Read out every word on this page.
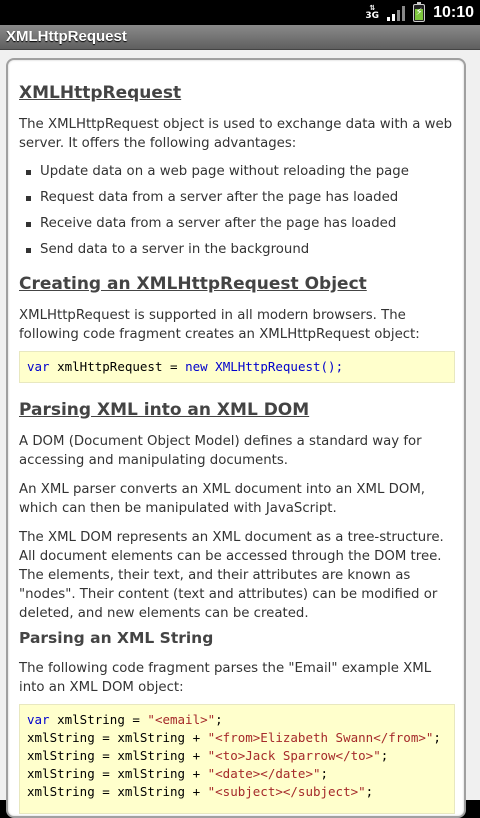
⇅
3G	⚡ 10:10
XMLHttpRequest
XMLHttpRequest

The XMLHttpRequest object is used to exchange data with a web server. It offers the following advantages:

Update data on a web page without reloading the page
Request data from a server after the page has loaded
Receive data from a server after the page has loaded
Send data to a server in the background
Creating an XMLHttpRequest Object

XMLHttpRequest is supported in all modern browsers. The following code fragment creates an XMLHttpRequest object:

var xmlHttpRequest = new XMLHttpRequest();
Parsing XML into an XML DOM

A DOM (Document Object Model) defines a standard way for accessing and manipulating documents.

An XML parser converts an XML document into an XML DOM, which can then be manipulated with JavaScript.

The XML DOM represents an XML document as a tree-structure. All document elements can be accessed through the DOM tree. The elements, their text, and their attributes are known as "nodes". Their content (text and attributes) can be modified or deleted, and new elements can be created.

Parsing an XML String

The following code fragment parses the "Email" example XML into an XML DOM object:

var xmlString = "<email>";
xmlString = xmlString + "<from>Elizabeth Swann</from>";
xmlString = xmlString + "<to>Jack Sparrow</to>";
xmlString = xmlString + "<date></date>";
xmlString = xmlString + "<subject></subject>";
